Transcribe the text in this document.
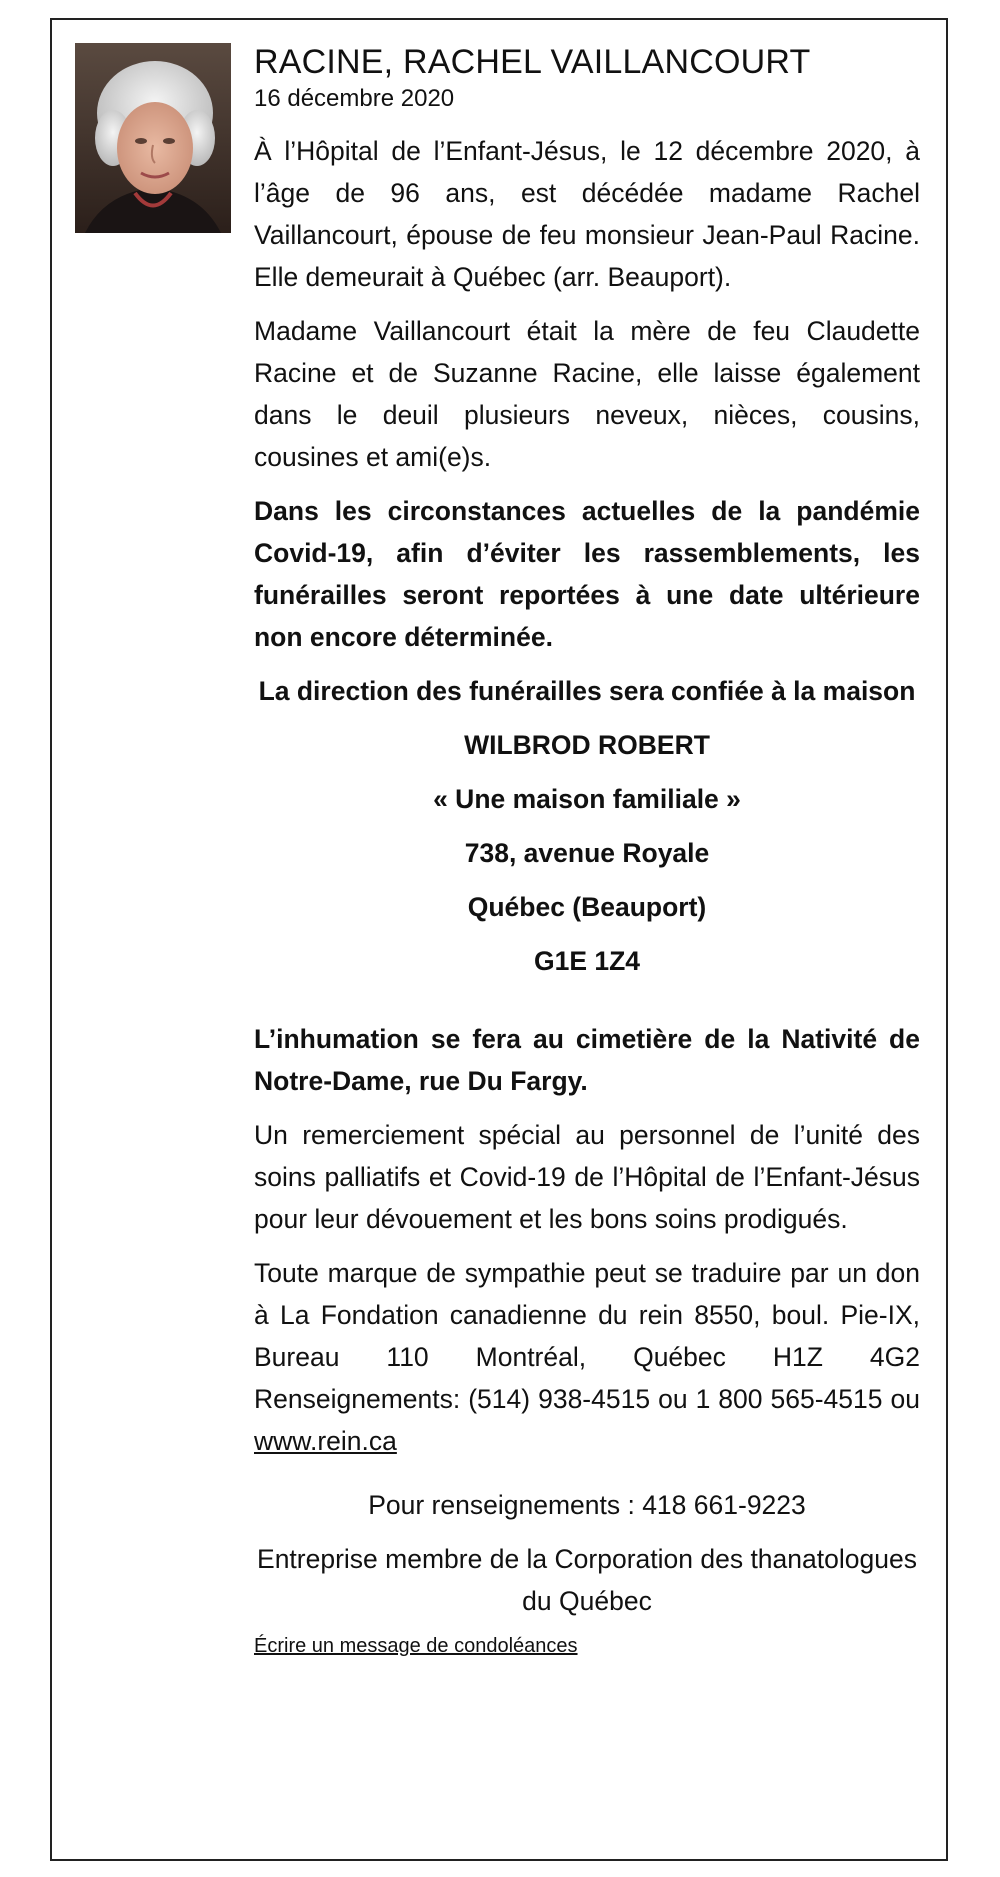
RACINE, RACHEL VAILLANCOURT
16 décembre 2020

À l’Hôpital de l’Enfant-Jésus, le 12 décembre 2020, à l’âge de 96 ans, est décédée madame Rachel Vaillancourt, épouse de feu monsieur Jean-Paul Racine. Elle demeurait à Québec (arr. Beauport).

Madame Vaillancourt était la mère de feu Claudette Racine et de Suzanne Racine, elle laisse également dans le deuil plusieurs neveux, nièces, cousins, cousines et ami(e)s.

Dans les circonstances actuelles de la pandémie Covid-19, afin d’éviter les rassemblements, les funérailles seront reportées à une date ultérieure non encore déterminée.

La direction des funérailles sera confiée à la maison

WILBROD ROBERT

« Une maison familiale »

738, avenue Royale

Québec (Beauport)

G1E 1Z4

L’inhumation se fera au cimetière de la Nativité de Notre-Dame, rue Du Fargy.

Un remerciement spécial au personnel de l’unité des soins palliatifs et Covid-19 de l’Hôpital de l’Enfant-Jésus pour leur dévouement et les bons soins prodigués.

Toute marque de sympathie peut se traduire par un don à La Fondation canadienne du rein 8550, boul. Pie-IX, Bureau 110 Montréal, Québec H1Z 4G2 Renseignements: (514) 938-4515 ou 1 800 565-4515 ou www.rein.ca

Pour renseignements : 418 661-9223
Entreprise membre de la Corporation des thanatologues du Québec
Écrire un message de condoléances
